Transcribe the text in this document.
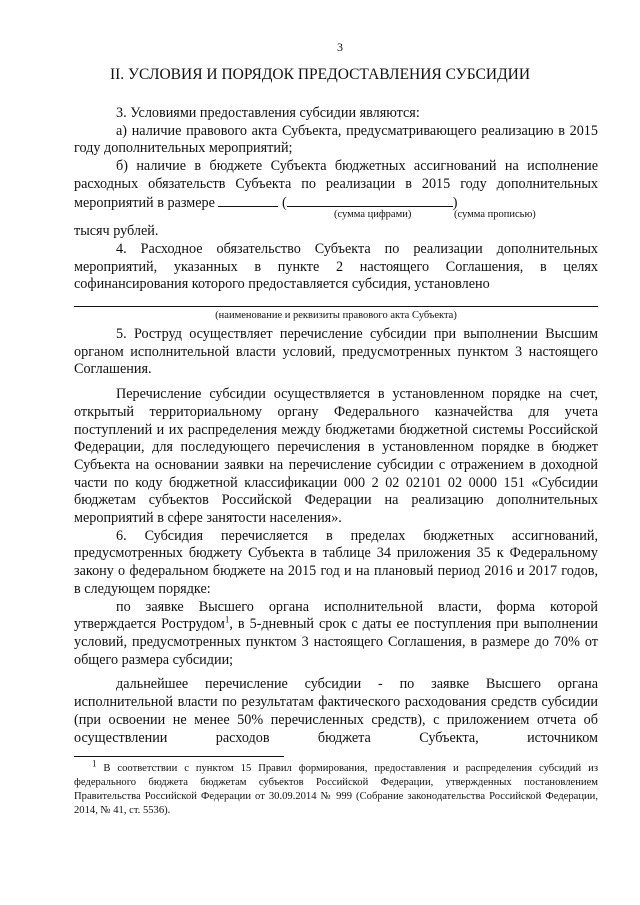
3
II. УСЛОВИЯ И ПОРЯДОК ПРЕДОСТАВЛЕНИЯ СУБСИДИИ

3. Условиями предоставления субсидии являются:

а) наличие правового акта Субъекта, предусматривающего реализацию в 2015 году дополнительных мероприятий;

б) наличие в бюджете Субъекта бюджетных ассигнований на исполнение расходных обязательств Субъекта по реализации в 2015 году дополнительных мероприятий в размере	(	)

(сумма цифрами)	(сумма прописью)

тысяч рублей.

4. Расходное обязательство Субъекта по реализации дополнительных мероприятий, указанных в пункте 2 настоящего Соглашения, в целях софинансирования которого предоставляется субсидия, установлено

(наименование и реквизиты правового акта Субъекта)

5. Роструд осуществляет перечисление субсидии при выполнении Высшим органом исполнительной власти условий, предусмотренных пунктом 3 настоящего Соглашения.

Перечисление субсидии осуществляется в установленном порядке на счет, открытый территориальному органу Федерального казначейства для учета поступлений и их распределения между бюджетами бюджетной системы Российской Федерации, для последующего перечисления в установленном порядке в бюджет Субъекта на основании заявки на перечисление субсидии с отражением в доходной части по коду бюджетной классификации 000 2 02 02101 02 0000 151 «Субсидии бюджетам субъектов Российской Федерации на реализацию дополнительных мероприятий в сфере занятости населения».

6. Субсидия перечисляется в пределах бюджетных ассигнований, предусмотренных бюджету Субъекта в таблице 34 приложения 35 к Федеральному закону о федеральном бюджете на 2015 год и на плановый период 2016 и 2017 годов, в следующем порядке:

по заявке Высшего органа исполнительной власти, форма которой утверждается Рострудом$^1$, в 5-дневный срок с даты ее поступления при выполнении условий, предусмотренных пунктом 3 настоящего Соглашения, в размере до 70% от общего размера субсидии;

дальнейшее перечисление субсидии - по заявке Высшего органа исполнительной власти по результатам фактического расходования средств субсидии (при освоении не менее 50% перечисленных средств), с приложением отчета об осуществлении расходов бюджета Субъекта, источником

$^1$ В соответствии с пунктом 15 Правил формирования, предоставления и распределения субсидий из федерального бюджета бюджетам субъектов Российской Федерации, утвержденных постановлением Правительства Российской Федерации от 30.09.2014 № 999 (Собрание законодательства Российской Федерации, 2014, № 41, ст. 5536).
